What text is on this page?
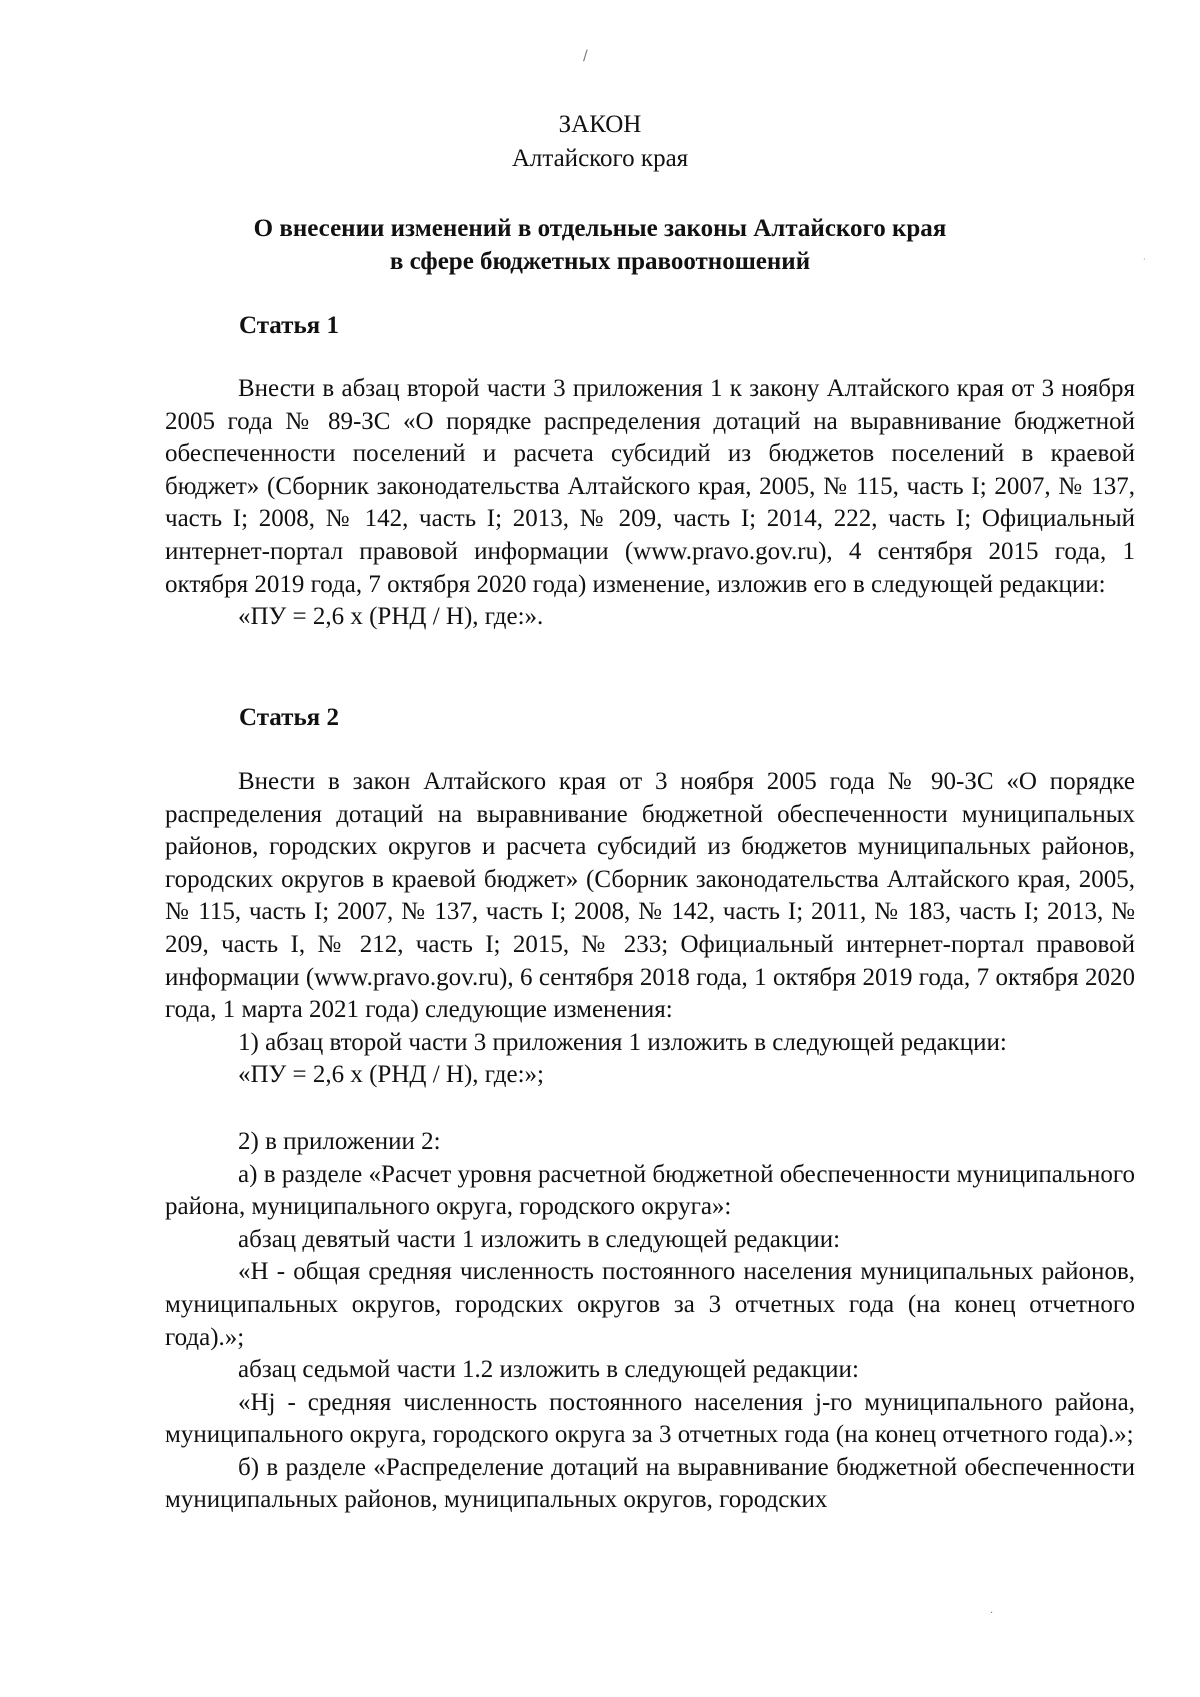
/
·
ЗАКОН
Алтайского края
О внесении изменений в отдельные законы Алтайского края
в сфере бюджетных правоотношений
Статья 1

Внести в абзац второй части 3 приложения 1 к закону Алтайского края от 3 ноября 2005 года № 89-ЗС «О порядке распределения дотаций на выравнивание бюджетной обеспеченности поселений и расчета субсидий из бюджетов поселений в краевой бюджет» (Сборник законодательства Алтайского края, 2005, № 115, часть I; 2007, № 137, часть I; 2008, № 142, часть I; 2013, № 209, часть I; 2014, 222, часть I; Официальный интернет-портал правовой информации (www.pravo.gov.ru), 4 сентября 2015 года, 1 октября 2019 года, 7 октября 2020 года) изменение, изложив его в следующей редакции:

«ПУ = 2,6 х (РНД / Н), где:».

Статья 2

Внести в закон Алтайского края от 3 ноября 2005 года № 90-ЗС «О порядке распределения дотаций на выравнивание бюджетной обеспеченности муниципальных районов, городских округов и расчета субсидий из бюджетов муниципальных районов, городских округов в краевой бюджет» (Сборник законодательства Алтайского края, 2005, № 115, часть I; 2007, № 137, часть I; 2008, № 142, часть I; 2011, № 183, часть I; 2013, № 209, часть I, № 212, часть I; 2015, № 233; Официальный интернет-портал правовой информации (www.pravo.gov.ru), 6 сентября 2018 года, 1 октября 2019 года, 7 октября 2020 года, 1 марта 2021 года) следующие изменения:

1) абзац второй части 3 приложения 1 изложить в следующей редакции:

«ПУ = 2,6 х (РНД / Н), где:»;

2) в приложении 2:

а) в разделе «Расчет уровня расчетной бюджетной обеспеченности муниципального района, муниципального округа, городского округа»:

абзац девятый части 1 изложить в следующей редакции:

«Н - общая средняя численность постоянного населения муниципальных районов, муниципальных округов, городских округов за 3 отчетных года (на конец отчетного года).»;

абзац седьмой части 1.2 изложить в следующей редакции:

«Нj - средняя численность постоянного населения j-го муниципального района, муниципального округа, городского округа за 3 отчетных года (на конец отчетного года).»;

б) в разделе «Распределение дотаций на выравнивание бюджетной обеспеченности муниципальных районов, муниципальных округов, городских

·
